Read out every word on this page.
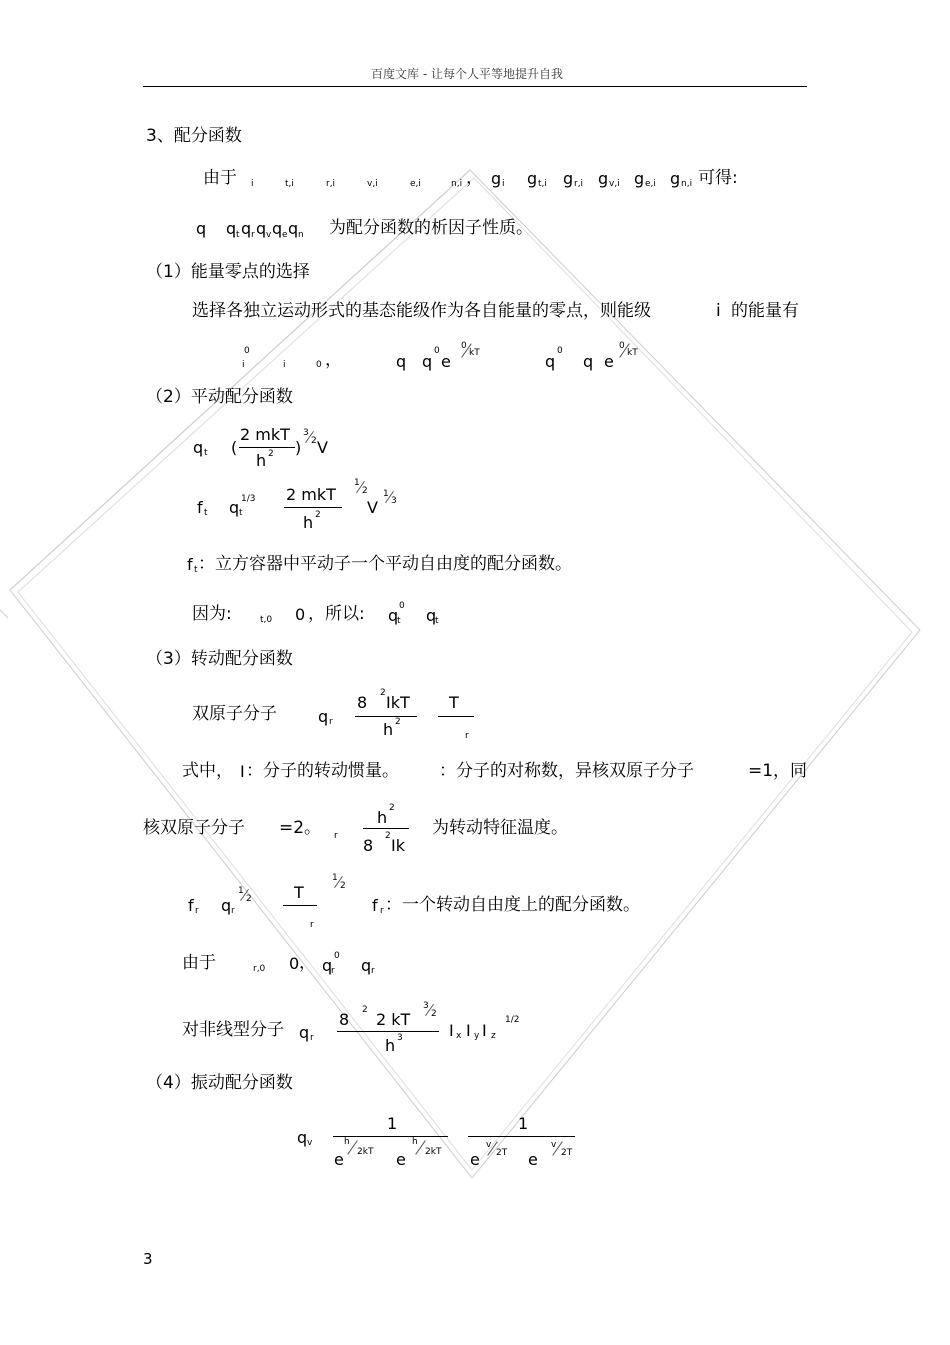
百度文库 - 让每个人平等地提升自我
3、配分函数
由于 i	t,i	r,i	v,i	e,i	n,i ， g i g t,i g r,i g v,i g e,i g n,i 可得:
q q t q r q v q e q n 为配分函数的析因子性质。
（1）能量零点的选择
选择各独立运动形式的基态能级作为各自能量的零点，则能级	i 的能量有
0
i	i	0 ，	q q
0
e
0
kT	q
0
q e
0
kT
（2）平动配分函数
q t (
2 mkT
h 2 )
3
2 V
f t q t
1/3 2 mkT
h 2
1
2
V
1
3
f t ：立方容器中平动子一个平动自由度的配分函数。
因为:	t,0 0 ，所以: q
t
0 q
t
（3）转动配分函数
双原子分子	q r
8 2 IkT
h 2
T
r
式中， I ：分子的转动惯量。 ：分子的对称数，异核双原子分子	=1，同
核双原子分子 =2。 r
h 2
8 2 Ik
为转动特征温度。
f r q r
1
2	T
r
1
2
f r ：一个转动自由度上的配分函数。
由于	r,0 0 ， q
r
0 q r
对非线型分子 q r
8 2 2 kT
3
2
h 3	I x I y I z
1/2
（4）振动配分函数
q v
1
e
h
2kT e
h
2kT
1
e
v
2T e
v
2T
3
